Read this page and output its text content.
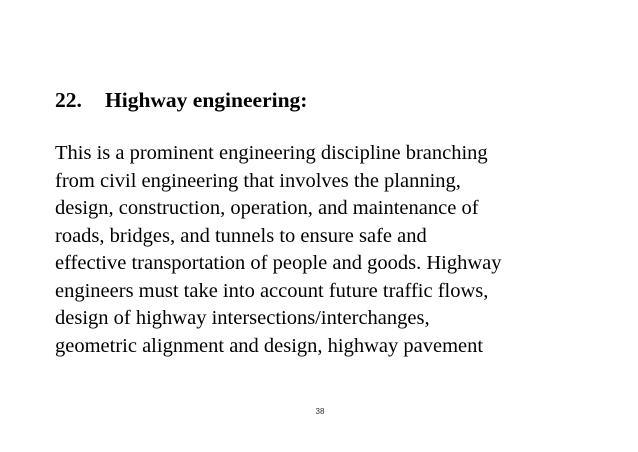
22. Highway engineering:
This is a prominent engineering discipline branching
from civil engineering that involves the planning,
design, construction, operation, and maintenance of
roads, bridges, and tunnels to ensure safe and
effective transportation of people and goods. Highway
engineers must take into account future traffic flows,
design of highway intersections/interchanges,
geometric alignment and design, highway pavement
38
